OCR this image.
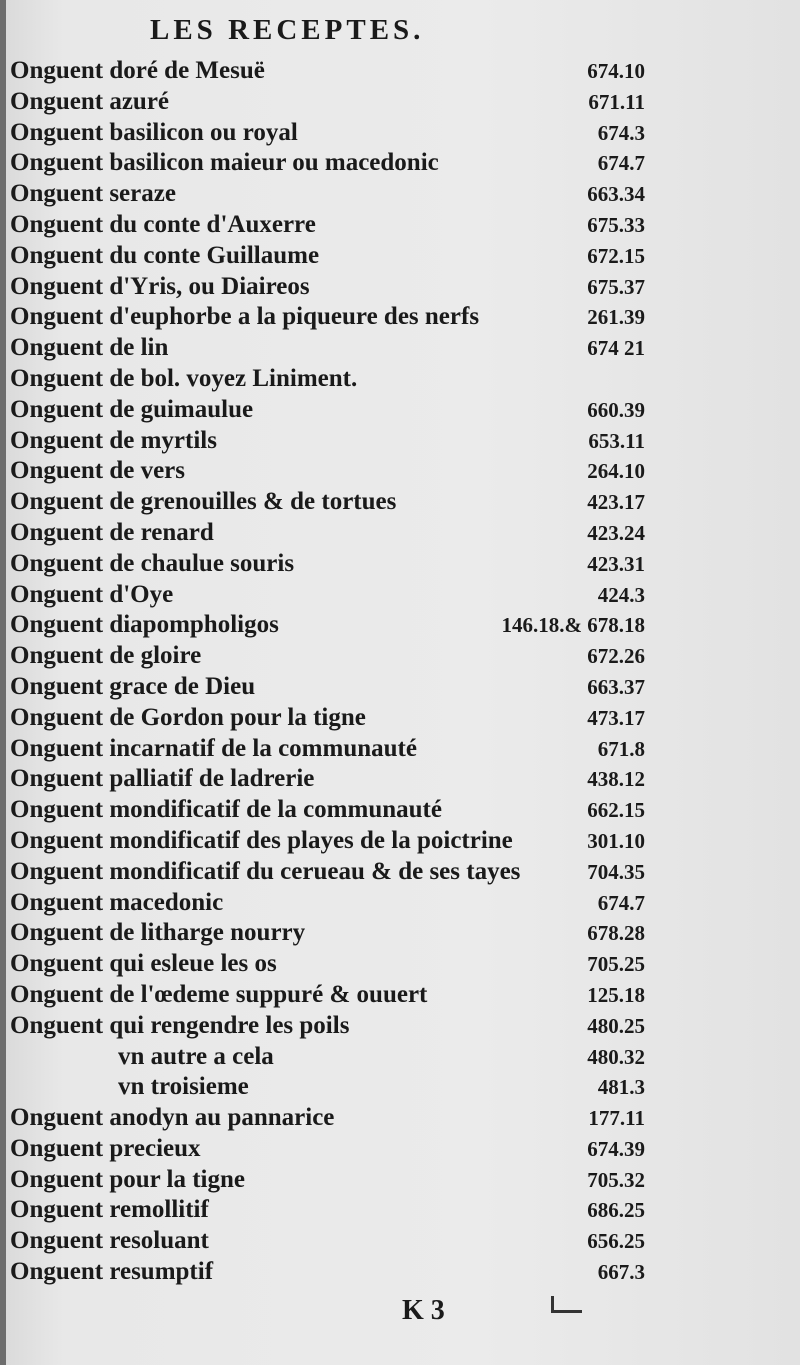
LES RECEPTES.
Onguent doré de Mesuë	674.10
Onguent azuré	671.11
Onguent basilicon ou royal	674.3
Onguent basilicon maieur ou macedonic	674.7
Onguent seraze	663.34
Onguent du conte d'Auxerre	675.33
Onguent du conte Guillaume	672.15
Onguent d'Yris, ou Diaireos	675.37
Onguent d'euphorbe a la piqueure des nerfs	261.39
Onguent de lin	674 21
Onguent de bol. voyez Liniment.
Onguent de guimaulue	660.39
Onguent de myrtils	653.11
Onguent de vers	264.10
Onguent de grenouilles & de tortues	423.17
Onguent de renard	423.24
Onguent de chaulue souris	423.31
Onguent d'Oye	424.3
Onguent diapompholigos	146.18.& 678.18
Onguent de gloire	672.26
Onguent grace de Dieu	663.37
Onguent de Gordon pour la tigne	473.17
Onguent incarnatif de la communauté	671.8
Onguent palliatif de ladrerie	438.12
Onguent mondificatif de la communauté	662.15
Onguent mondificatif des playes de la poictrine	301.10
Onguent mondificatif du cerueau & de ses tayes	704.35
Onguent macedonic	674.7
Onguent de litharge nourry	678.28
Onguent qui esleue les os	705.25
Onguent de l'œdeme suppuré & ouuert	125.18
Onguent qui rengendre les poils	480.25
vn autre a cela	480.32
vn troisieme	481.3
Onguent anodyn au pannarice	177.11
Onguent precieux	674.39
Onguent pour la tigne	705.32
Onguent remollitif	686.25
Onguent resoluant	656.25
Onguent resumptif	667.3
K 3
